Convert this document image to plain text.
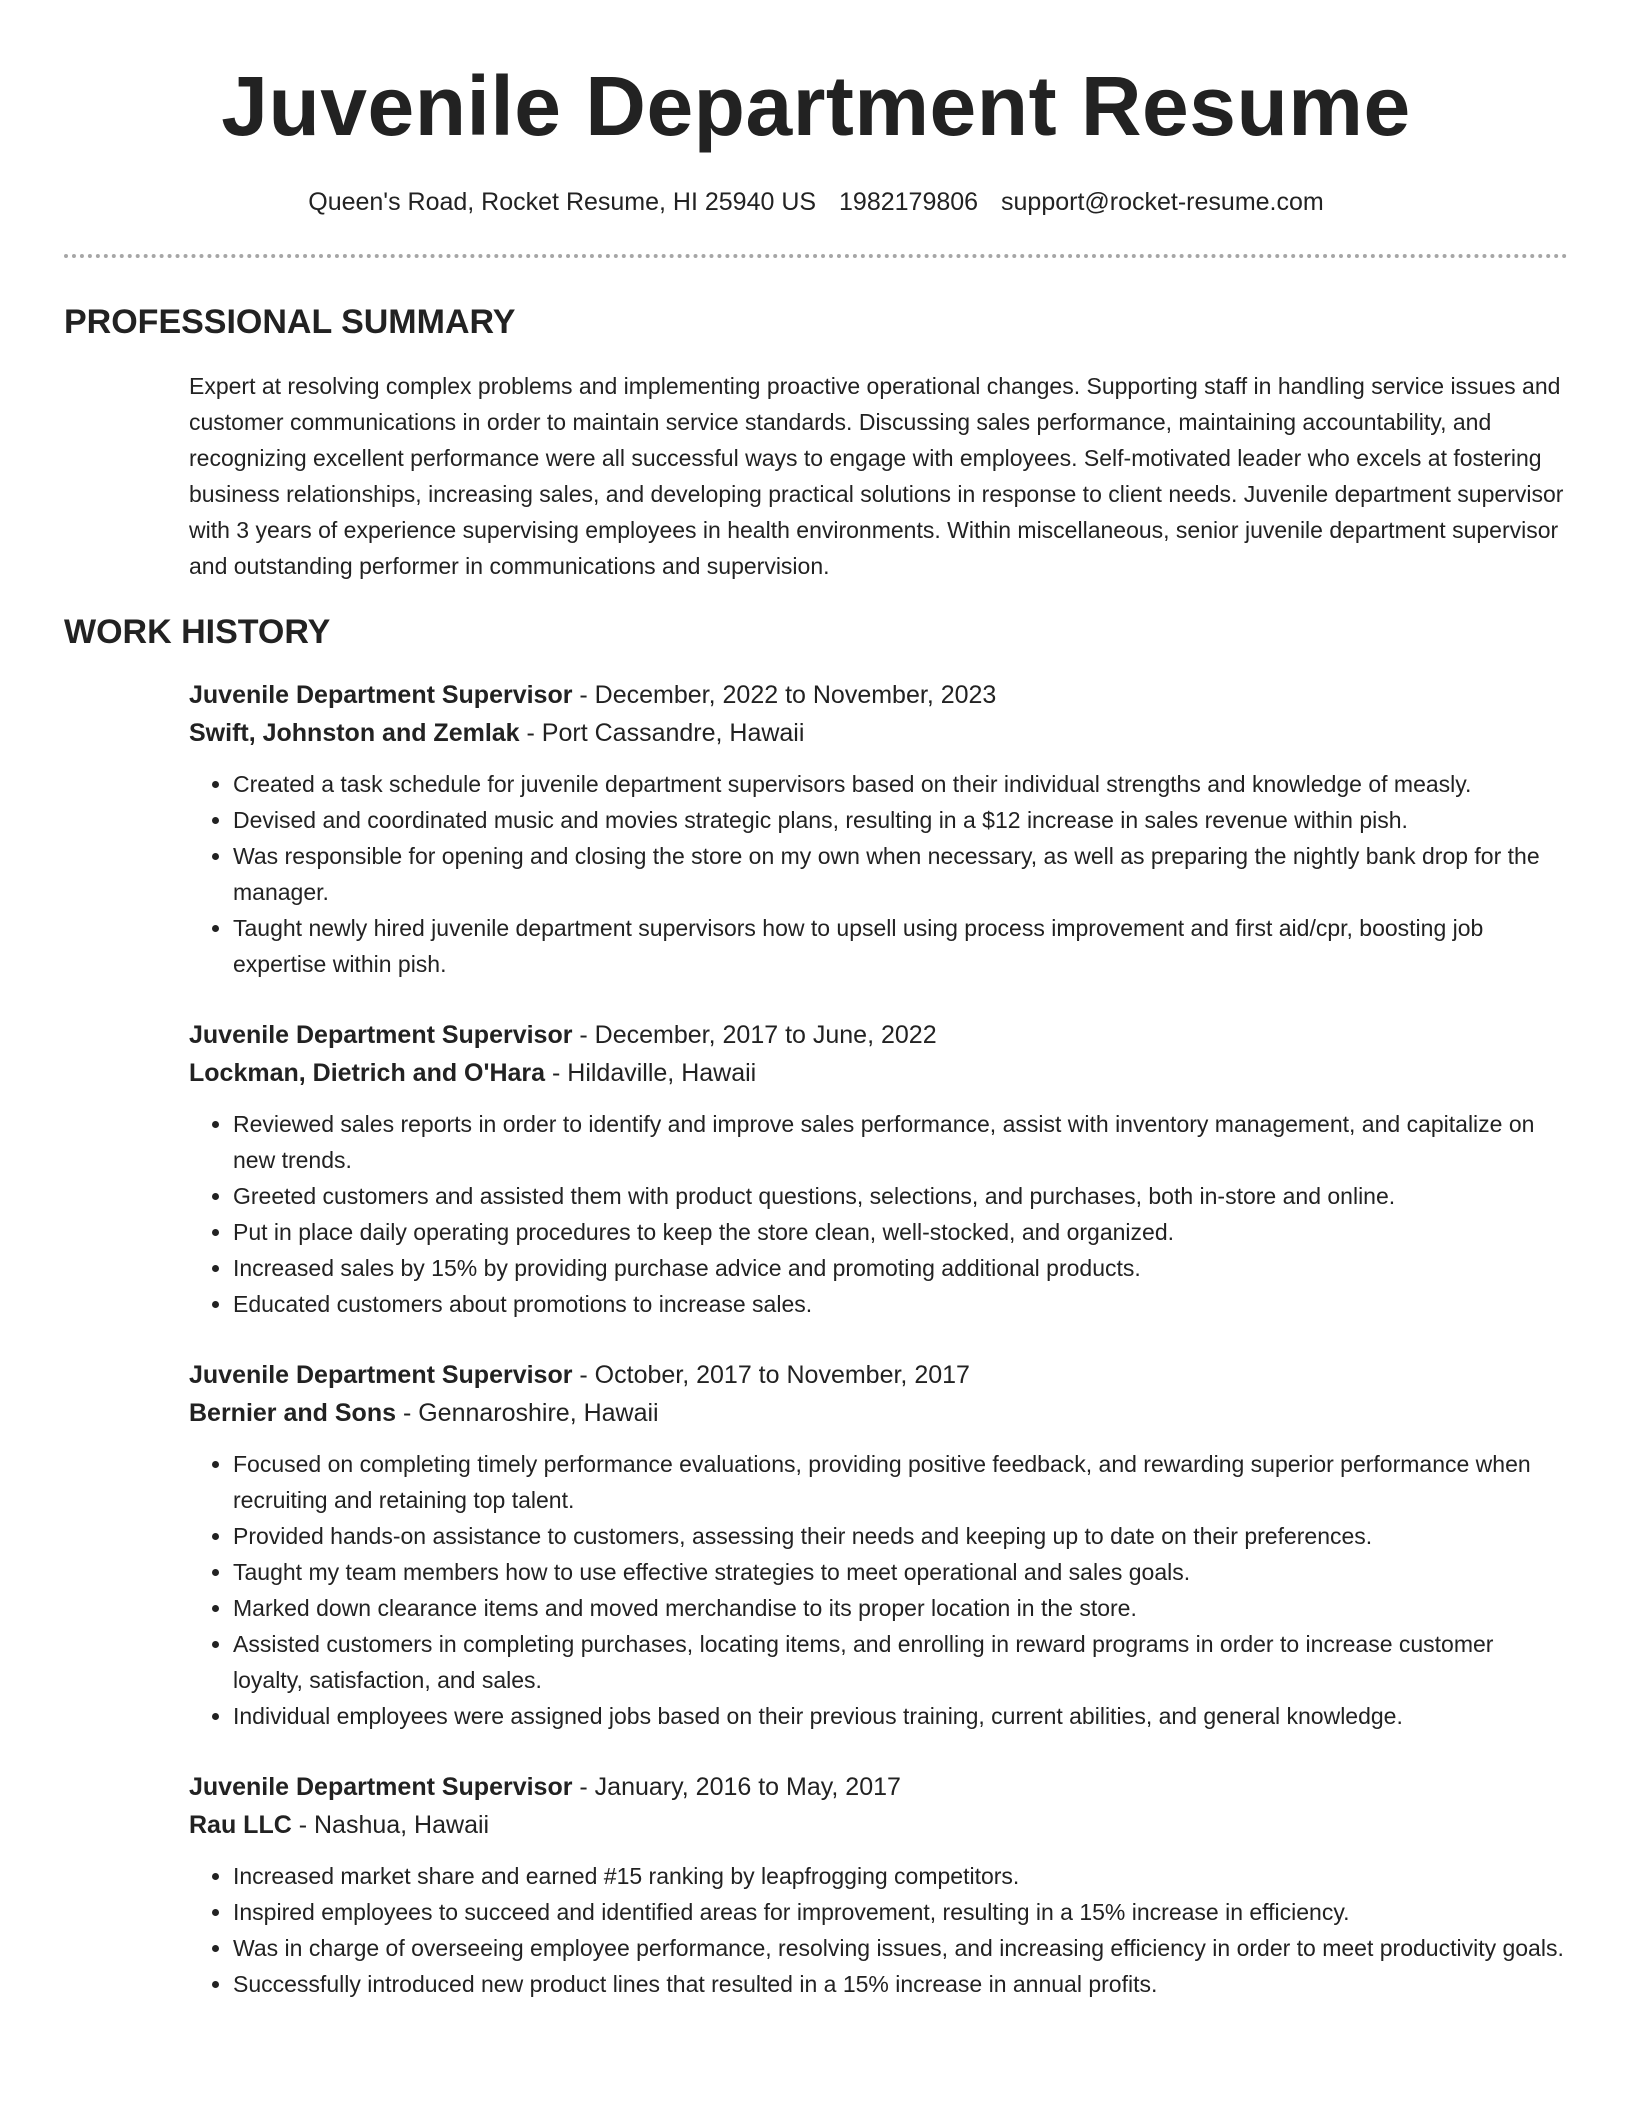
Juvenile Department Resume
Queen's Road, Rocket Resume, HI 25940 US 1982179806 support@rocket-resume.com
PROFESSIONAL SUMMARY
Expert at resolving complex problems and implementing proactive operational changes. Supporting staff in handling service issues and customer communications in order to maintain service standards. Discussing sales performance, maintaining accountability, and recognizing excellent performance were all successful ways to engage with employees. Self-motivated leader who excels at fostering business relationships, increasing sales, and developing practical solutions in response to client needs. Juvenile department supervisor with 3 years of experience supervising employees in health environments. Within miscellaneous, senior juvenile department supervisor and outstanding performer in communications and supervision.
WORK HISTORY
Juvenile Department Supervisor - December, 2022 to November, 2023
Swift, Johnston and Zemlak - Port Cassandre, Hawaii
• Created a task schedule for juvenile department supervisors based on their individual strengths and knowledge of measly.
• Devised and coordinated music and movies strategic plans, resulting in a $12 increase in sales revenue within pish.
• Was responsible for opening and closing the store on my own when necessary, as well as preparing the nightly bank drop for the manager.
• Taught newly hired juvenile department supervisors how to upsell using process improvement and first aid/cpr, boosting job expertise within pish.
Juvenile Department Supervisor - December, 2017 to June, 2022
Lockman, Dietrich and O'Hara - Hildaville, Hawaii
• Reviewed sales reports in order to identify and improve sales performance, assist with inventory management, and capitalize on new trends.
• Greeted customers and assisted them with product questions, selections, and purchases, both in-store and online.
• Put in place daily operating procedures to keep the store clean, well-stocked, and organized.
• Increased sales by 15% by providing purchase advice and promoting additional products.
• Educated customers about promotions to increase sales.
Juvenile Department Supervisor - October, 2017 to November, 2017
Bernier and Sons - Gennaroshire, Hawaii
• Focused on completing timely performance evaluations, providing positive feedback, and rewarding superior performance when recruiting and retaining top talent.
• Provided hands-on assistance to customers, assessing their needs and keeping up to date on their preferences.
• Taught my team members how to use effective strategies to meet operational and sales goals.
• Marked down clearance items and moved merchandise to its proper location in the store.
• Assisted customers in completing purchases, locating items, and enrolling in reward programs in order to increase customer loyalty, satisfaction, and sales.
• Individual employees were assigned jobs based on their previous training, current abilities, and general knowledge.
Juvenile Department Supervisor - January, 2016 to May, 2017
Rau LLC - Nashua, Hawaii
• Increased market share and earned #15 ranking by leapfrogging competitors.
• Inspired employees to succeed and identified areas for improvement, resulting in a 15% increase in efficiency.
• Was in charge of overseeing employee performance, resolving issues, and increasing efficiency in order to meet productivity goals.
• Successfully introduced new product lines that resulted in a 15% increase in annual profits.
